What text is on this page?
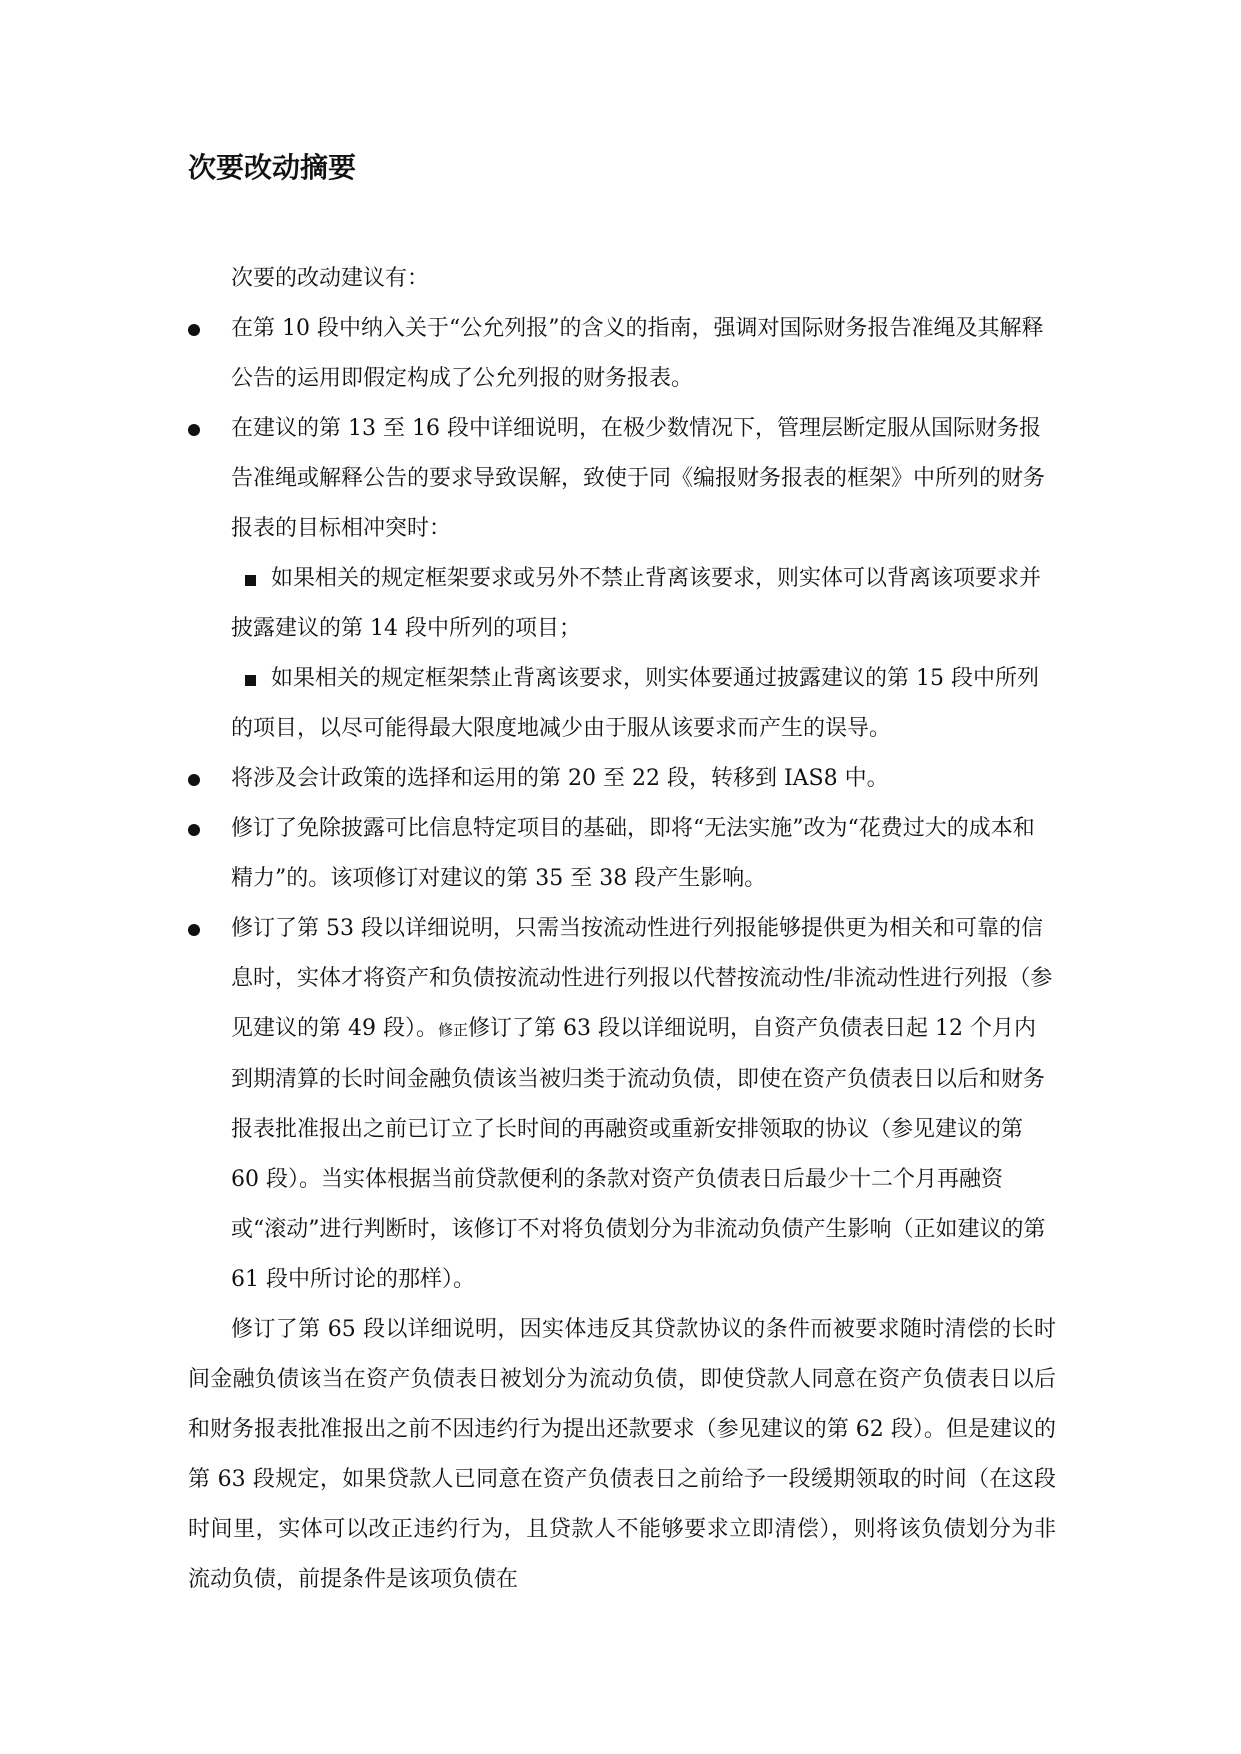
次要改动摘要

次要的改动建议有：

在第 10 段中纳入关于“公允列报”的含义的指南，强调对国际财务报告准绳及其解释公告的运用即假定构成了公允列报的财务报表。
在建议的第 13 至 16 段中详细说明，在极少数情况下，管理层断定服从国际财务报告准绳或解释公告的要求导致误解，致使于同《编报财务报表的框架》中所列的财务报表的目标相冲突时：
如果相关的规定框架要求或另外不禁止背离该要求，则实体可以背离该项要求并披露建议的第 14 段中所列的项目；
如果相关的规定框架禁止背离该要求，则实体要通过披露建议的第 15 段中所列的项目，以尽可能得最大限度地减少由于服从该要求而产生的误导。
将涉及会计政策的选择和运用的第 20 至 22 段，转移到 IAS8 中。
修订了免除披露可比信息特定项目的基础，即将“无法实施”改为“花费过大的成本和精力”的。该项修订对建议的第 35 至 38 段产生影响。
修订了第 53 段以详细说明，只需当按流动性进行列报能够提供更为相关和可靠的信息时，实体才将资产和负债按流动性进行列报以代替按流动性/非流动性进行列报（参见建议的第 49 段）。修正修订了第 63 段以详细说明，自资产负债表日起 12 个月内到期清算的长时间金融负债该当被归类于流动负债，即使在资产负债表日以后和财务报表批准报出之前已订立了长时间的再融资或重新安排领取的协议（参见建议的第 60 段）。当实体根据当前贷款便利的条款对资产负债表日后最少十二个月再融资或“滚动”进行判断时，该修订不对将负债划分为非流动负债产生影响（正如建议的第 61 段中所讨论的那样）。

修订了第 65 段以详细说明，因实体违反其贷款协议的条件而被要求随时清偿的长时间金融负债该当在资产负债表日被划分为流动负债，即使贷款人同意在资产负债表日以后和财务报表批准报出之前不因违约行为提出还款要求（参见建议的第 62 段）。但是建议的第 63 段规定，如果贷款人已同意在资产负债表日之前给予一段缓期领取的时间（在这段时间里，实体可以改正违约行为，且贷款人不能够要求立即清偿），则将该负债划分为非流动负债，前提条件是该项负债在
